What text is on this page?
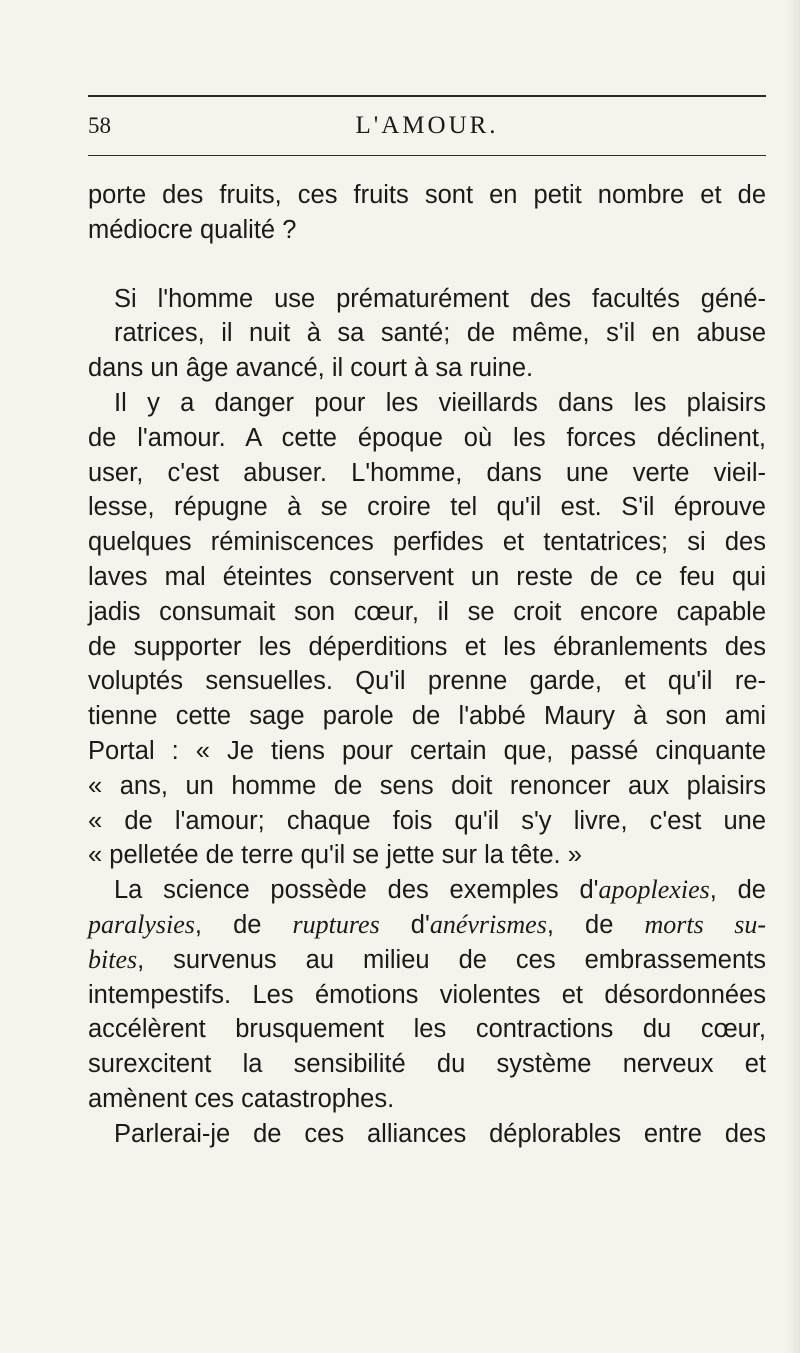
58	L'AMOUR.

porte des fruits, ces fruits sont en petit nombre et de
médiocre qualité ?

Si l'homme use prématurément des facultés géné-
ratrices, il nuit à sa santé; de même, s'il en abuse
dans un âge avancé, il court à sa ruine.

Il y a danger pour les vieillards dans les plaisirs
de l'amour. A cette époque où les forces déclinent,
user, c'est abuser. L'homme, dans une verte vieil-
lesse, répugne à se croire tel qu'il est. S'il éprouve
quelques réminiscences perfides et tentatrices; si des
laves mal éteintes conservent un reste de ce feu qui
jadis consumait son cœur, il se croit encore capable
de supporter les déperditions et les ébranlements des
voluptés sensuelles. Qu'il prenne garde, et qu'il re-
tienne cette sage parole de l'abbé Maury à son ami
Portal : « Je tiens pour certain que, passé cinquante
« ans, un homme de sens doit renoncer aux plaisirs
« de l'amour; chaque fois qu'il s'y livre, c'est une
« pelletée de terre qu'il se jette sur la tête. »

La science possède des exemples d'apoplexies, de
paralysies, de ruptures d'anévrismes, de morts su-
bites, survenus au milieu de ces embrassements
intempestifs. Les émotions violentes et désordonnées
accélèrent brusquement les contractions du cœur,
surexcitent la sensibilité du système nerveux et
amènent ces catastrophes.

Parlerai-je de ces alliances déplorables entre des
